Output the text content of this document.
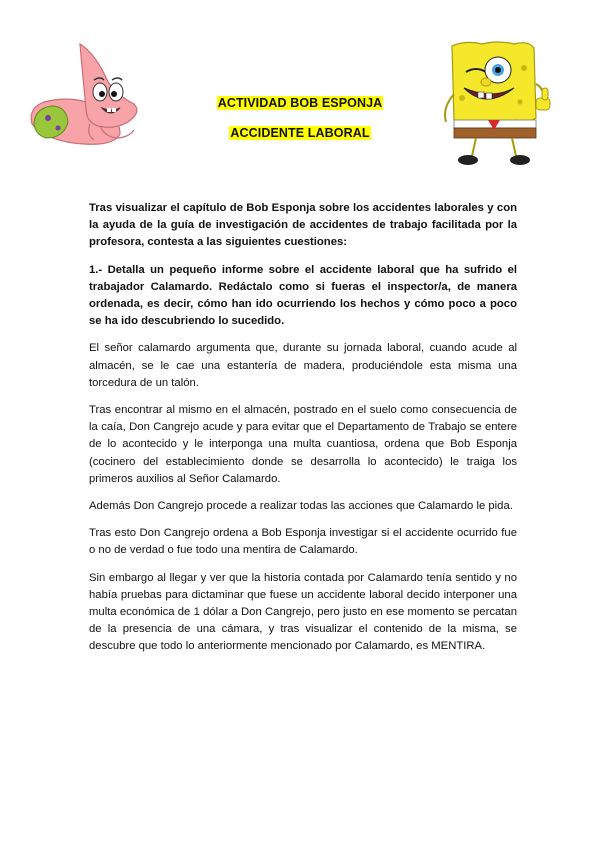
ACTIVIDAD BOB ESPONJA
ACCIDENTE LABORAL

Tras visualizar el capítulo de Bob Esponja sobre los accidentes laborales y con la ayuda de la guía de investigación de accidentes de trabajo facilitada por la profesora, contesta a las siguientes cuestiones:

1.- Detalla un pequeño informe sobre el accidente laboral que ha sufrido el trabajador Calamardo. Redáctalo como si fueras el inspector/a, de manera ordenada, es decir, cómo han ido ocurriendo los hechos y cómo poco a poco se ha ido descubriendo lo sucedido.

El señor calamardo argumenta que, durante su jornada laboral, cuando acude al almacén, se le cae una estantería de madera, produciéndole esta misma una torcedura de un talón.

Tras encontrar al mismo en el almacén, postrado en el suelo como consecuencia de la caía, Don Cangrejo acude y para evitar que el Departamento de Trabajo se entere de lo acontecido y le interponga una multa cuantiosa, ordena que Bob Esponja (cocinero del establecimiento donde se desarrolla lo acontecido) le traiga los primeros auxilios al Señor Calamardo.

Además Don Cangrejo procede a realizar todas las acciones que Calamardo le pida.

Tras esto Don Cangrejo ordena a Bob Esponja investigar si el accidente ocurrido fue o no de verdad o fue todo una mentira de Calamardo.

Sin embargo al llegar y ver que la historia contada por Calamardo tenía sentido y no había pruebas para dictaminar que fuese un accidente laboral decido interponer una multa económica de 1 dólar a Don Cangrejo, pero justo en ese momento se percatan de la presencia de una cámara, y tras visualizar el contenido de la misma, se descubre que todo lo anteriormente mencionado por Calamardo, es MENTIRA.
